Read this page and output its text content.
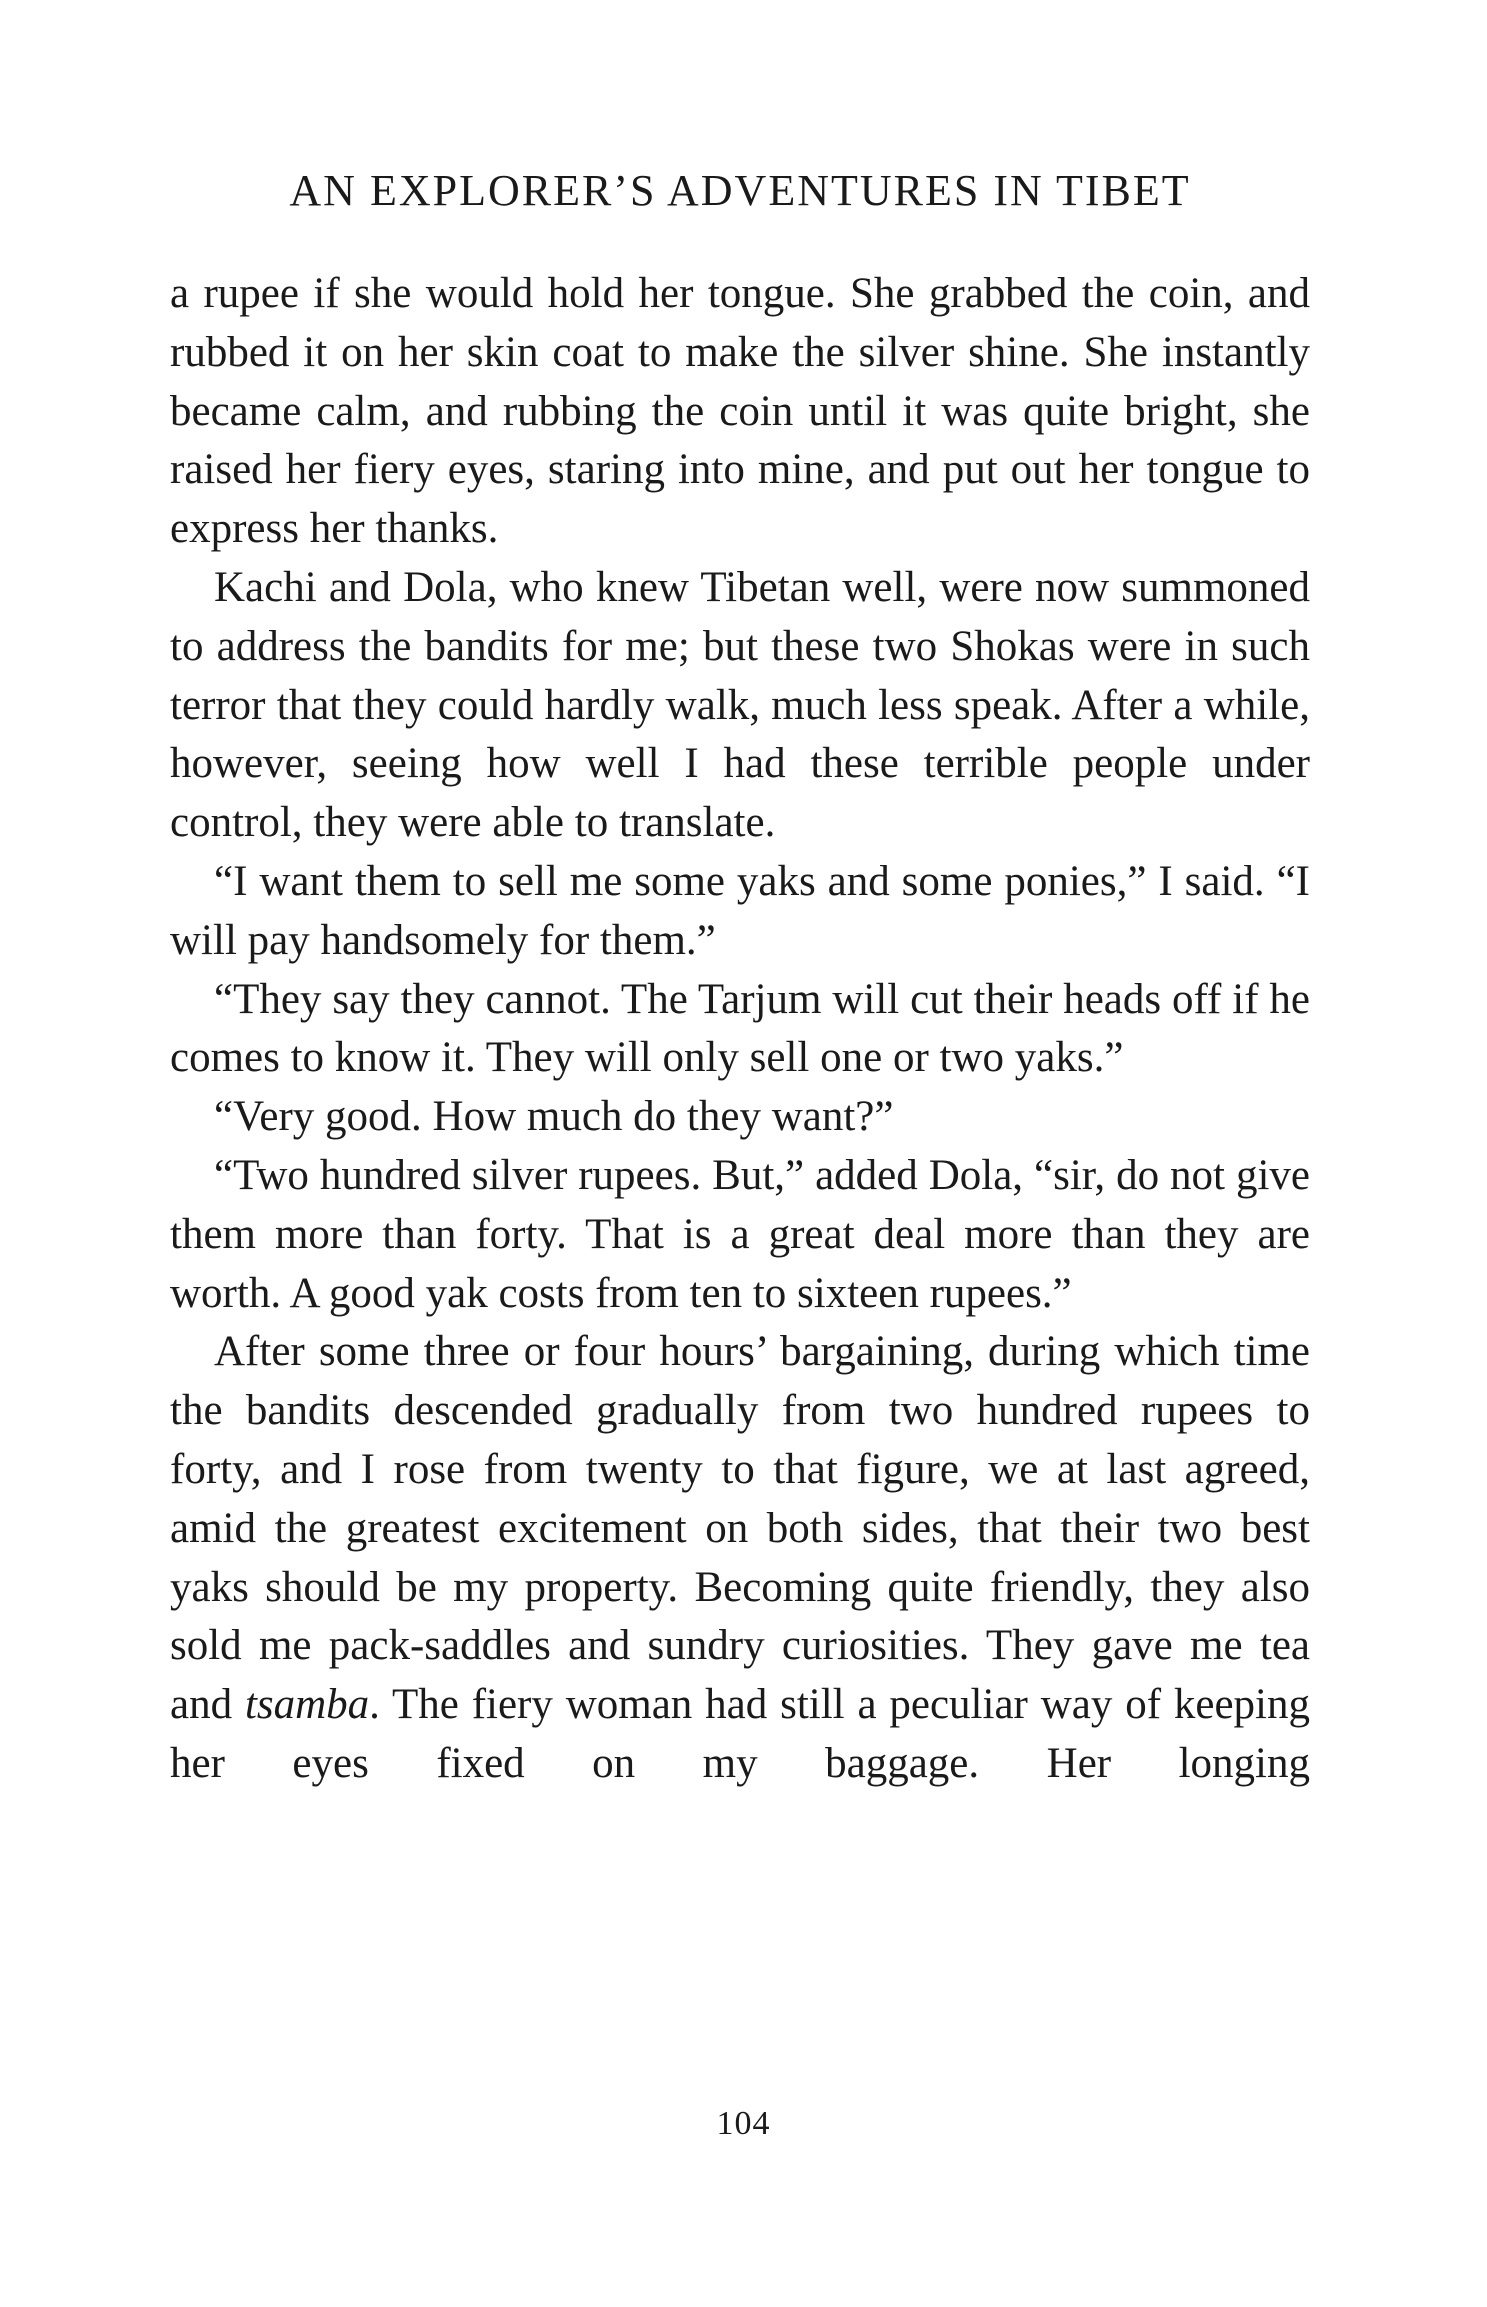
AN EXPLORER’S ADVENTURES IN TIBET

a rupee if she would hold her tongue. She grabbed the coin, and rubbed it on her skin coat to make the silver shine. She instantly became calm, and rubbing the coin until it was quite bright, she raised her fiery eyes, staring into mine, and put out her tongue to express her thanks.

Kachi and Dola, who knew Tibetan well, were now summoned to address the bandits for me; but these two Shokas were in such terror that they could hardly walk, much less speak. After a while, however, seeing how well I had these terrible people under control, they were able to translate.

“I want them to sell me some yaks and some ponies,” I said. “I will pay handsomely for them.”

“They say they cannot. The Tarjum will cut their heads off if he comes to know it. They will only sell one or two yaks.”

“Very good. How much do they want?”

“Two hundred silver rupees. But,” added Dola, “sir, do not give them more than forty. That is a great deal more than they are worth. A good yak costs from ten to sixteen rupees.”

After some three or four hours’ bargaining, during which time the bandits descended gradually from two hundred rupees to forty, and I rose from twenty to that figure, we at last agreed, amid the greatest excitement on both sides, that their two best yaks should be my property. Becoming quite friendly, they also sold me pack-saddles and sundry curiosities. They gave me tea and tsamba. The fiery woman had still a peculiar way of keeping her eyes fixed on my baggage. Her longing

104
